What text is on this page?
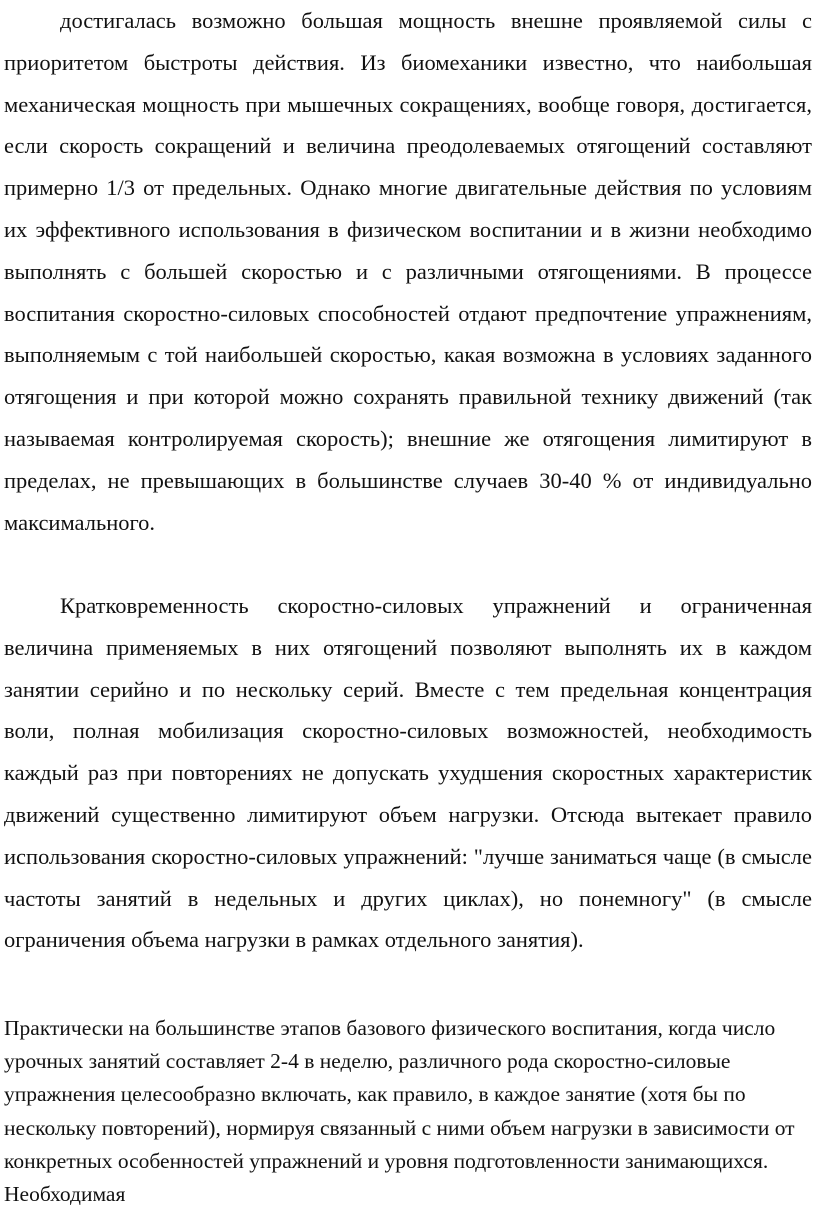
достигалась возможно большая мощность внешне проявляемой силы с приоритетом быстроты действия. Из биомеханики известно, что наибольшая механическая мощность при мышечных сокращениях, вообще говоря, достигается, если скорость сокращений и величина преодолеваемых отягощений составляют примерно 1/3 от предельных. Однако многие двигательные действия по условиям их эффективного использования в физическом воспитании и в жизни необходимо выполнять с большей скоростью и с различными отягощениями. В процессе воспитания скоростно-силовых способностей отдают предпочтение упражнениям, выполняемым с той наибольшей скоростью, какая возможна в условиях заданного отягощения и при которой можно сохранять правильной технику движений (так называемая контролируемая скорость); внешние же отягощения лимитируют в пределах, не превышающих в большинстве случаев 30-40 % от индивидуально максимального.

Кратковременность скоростно-силовых упражнений и ограниченная величина применяемых в них отягощений позволяют выполнять их в каждом занятии серийно и по нескольку серий. Вместе с тем предельная концентрация воли, полная мобилизация скоростно-силовых возможностей, необходимость каждый раз при повторениях не допускать ухудшения скоростных характеристик движений существенно лимитируют объем нагрузки. Отсюда вытекает правило использования скоростно-силовых упражнений: "лучше заниматься чаще (в смысле частоты занятий в недельных и других циклах), но понемногу" (в смысле ограничения объема нагрузки в рамках отдельного занятия).

Практически на большинстве этапов базового физического воспитания, когда число урочных занятий составляет 2-4 в неделю, различного рода скоростно-силовые упражнения целесообразно включать, как правило, в каждое занятие (хотя бы по нескольку повторений), нормируя связанный с ними объем нагрузки в зависимости от конкретных особенностей упражнений и уровня подготовленности занимающихся. Необходимая
